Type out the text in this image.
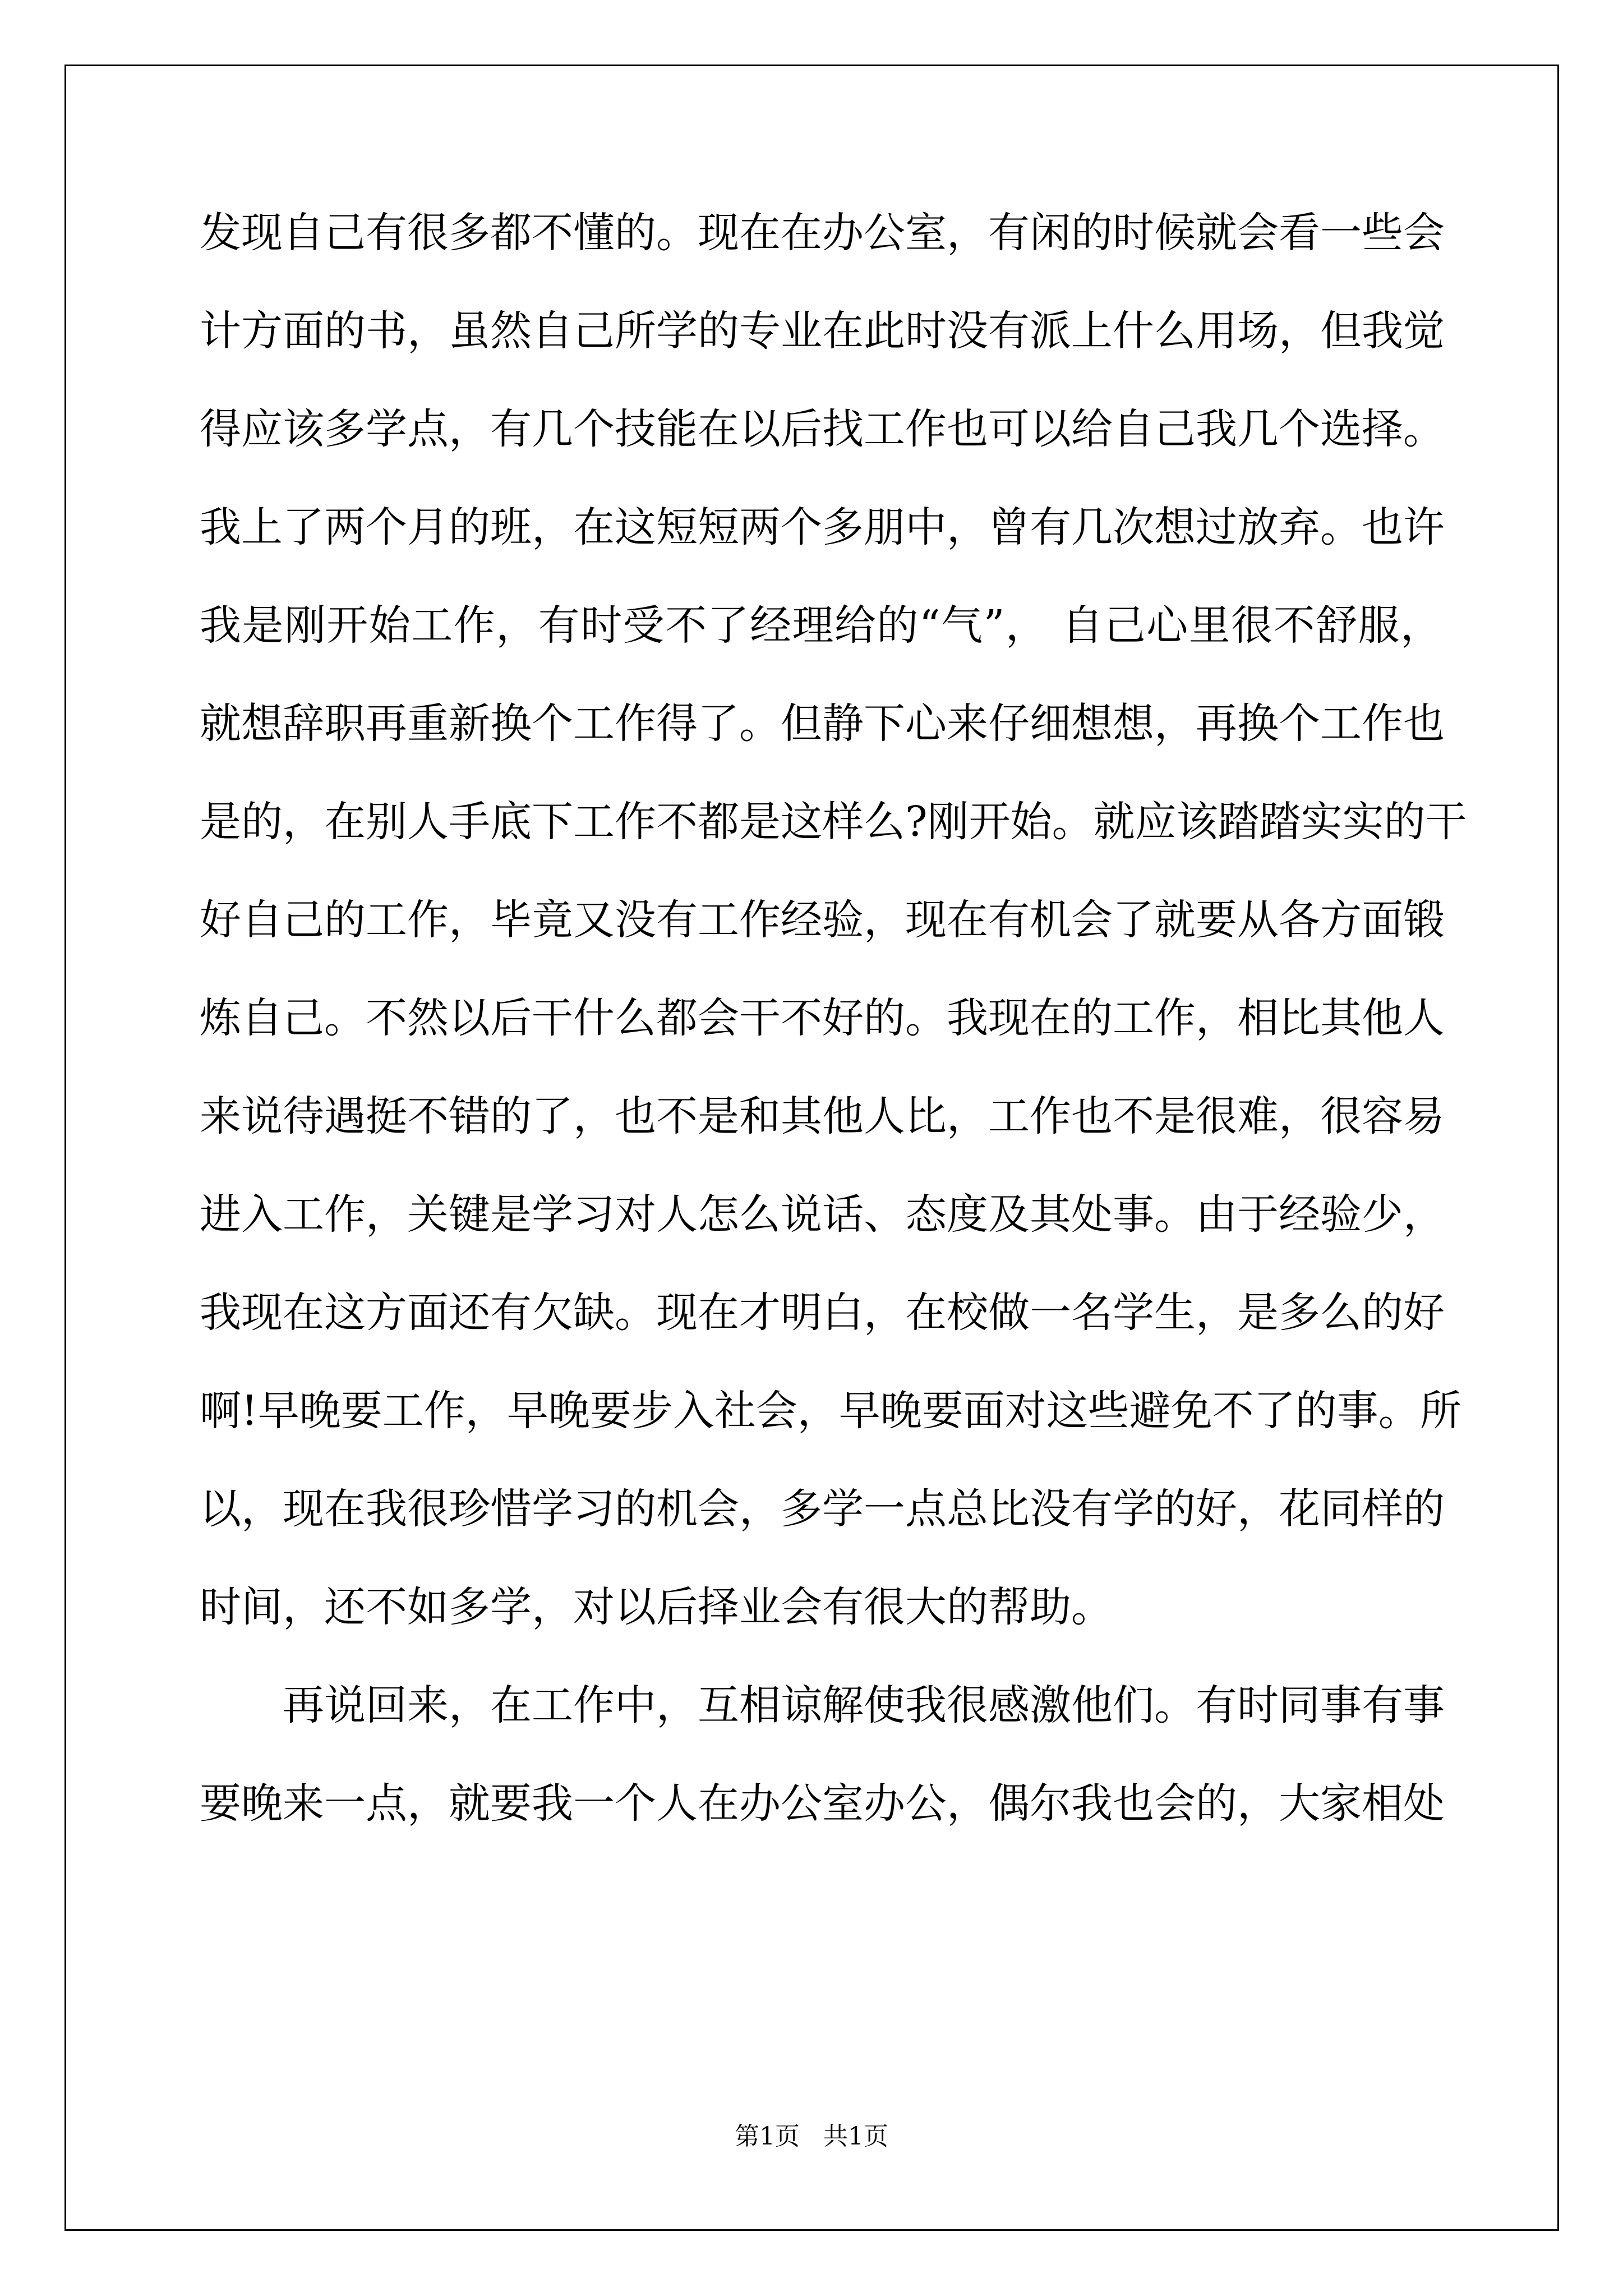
发现自己有很多都不懂的。现在在办公室，有闲的时候就会看一些会
计方面的书，虽然自己所学的专业在此时没有派上什么用场，但我觉
得应该多学点，有几个技能在以后找工作也可以给自己我几个选择。
我上了两个月的班，在这短短两个多朋中，曾有几次想过放弃。也许
我是刚开始工作，有时受不了经理给的“气”， 自己心里很不舒服，
就想辞职再重新换个工作得了。但静下心来仔细想想，再换个工作也
是的，在别人手底下工作不都是这样么?刚开始。就应该踏踏实实的干
好自己的工作，毕竟又没有工作经验，现在有机会了就要从各方面锻
炼自己。不然以后干什么都会干不好的。我现在的工作，相比其他人
来说待遇挺不错的了，也不是和其他人比，工作也不是很难，很容易
进入工作，关键是学习对人怎么说话、态度及其处事。由于经验少，
我现在这方面还有欠缺。现在才明白，在校做一名学生，是多么的好
啊!早晚要工作，早晚要步入社会，早晚要面对这些避免不了的事。所
以，现在我很珍惜学习的机会，多学一点总比没有学的好，花同样的
时间，还不如多学，对以后择业会有很大的帮助。
再说回来，在工作中，互相谅解使我很感激他们。有时同事有事
要晚来一点，就要我一个人在办公室办公，偶尔我也会的，大家相处
第1页   共1页
